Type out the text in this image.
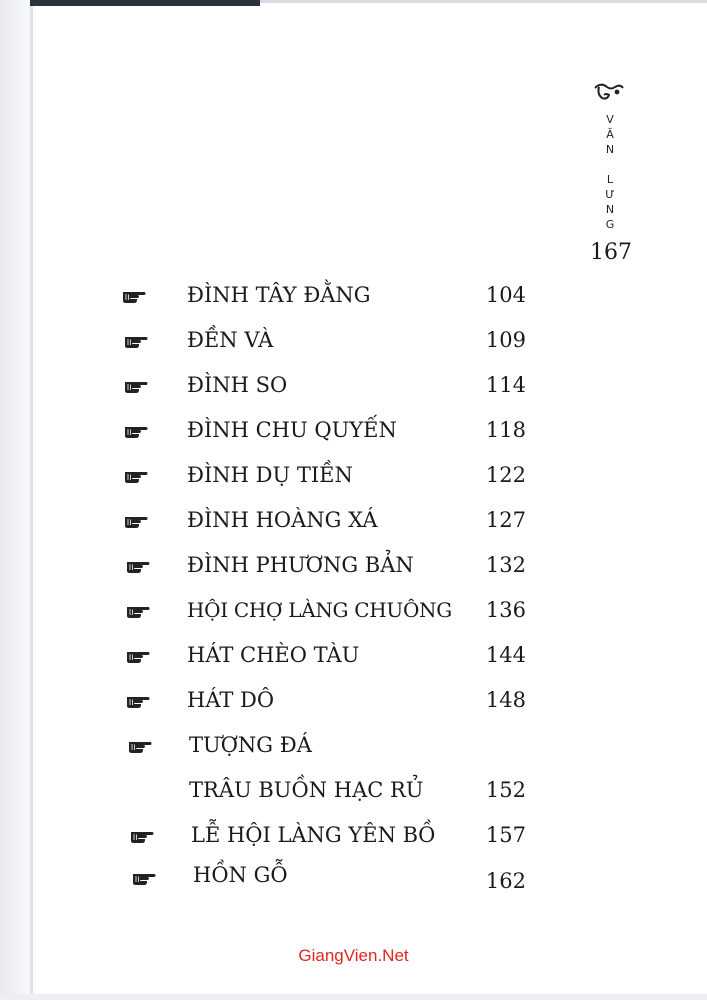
V
Ă
N

L
Ư
N
G
167
ĐÌNH TÂY ĐẰNG	104
ĐỀN VÀ	109
ĐÌNH SO	114
ĐÌNH CHU QUYẾN	118
ĐÌNH DỤ TIỀN	122
ĐÌNH HOÀNG XÁ	127
ĐÌNH PHƯƠNG BẢN	132
HỘI CHỢ LÀNG CHUÔNG	136
HÁT CHÈO TÀU	144
HÁT DÔ	148
TƯỢNG ĐÁ
TRÂU BUỒN HẠC RỦ	152
LỄ HỘI LÀNG YÊN BỒ	157
HỒN GỖ	162
GiangVien.Net
